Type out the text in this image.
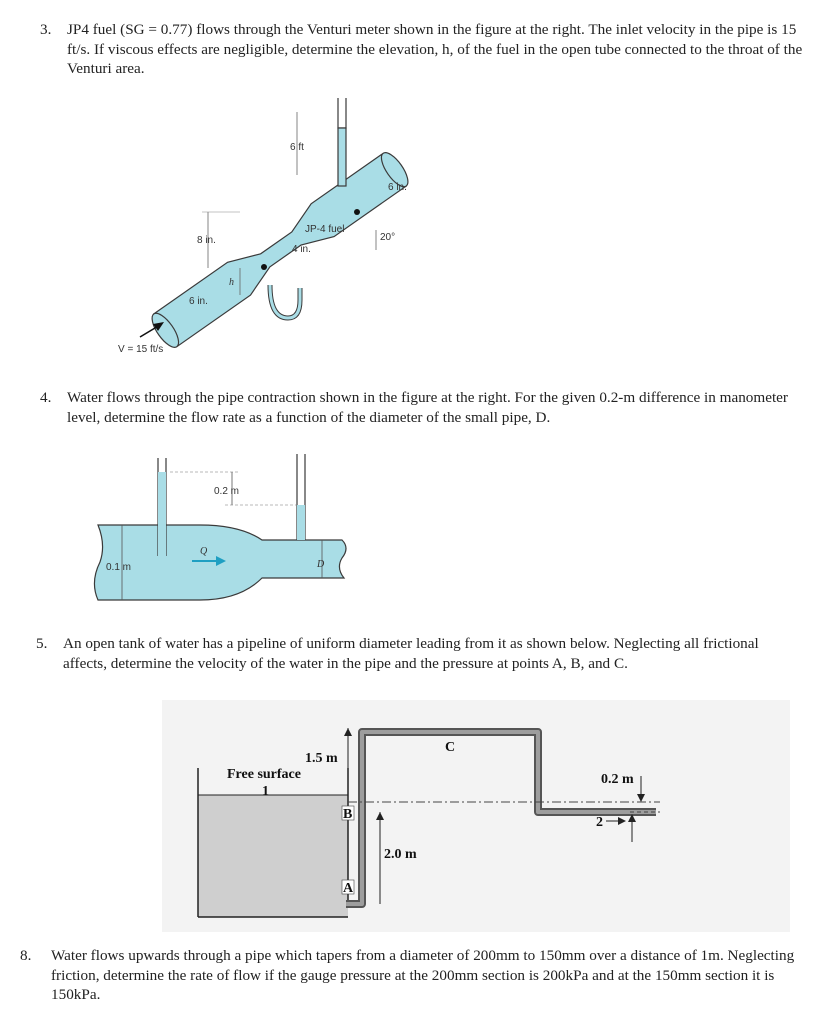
3. JP4 fuel (SG = 0.77) flows through the Venturi meter shown in the figure at the right. The inlet velocity in the pipe is 15 ft/s. If viscous effects are negligible, determine the elevation, h, of the fuel in the open tube connected to the throat of the Venturi area.
4. Water flows through the pipe contraction shown in the figure at the right. For the given 0.2-m difference in manometer level, determine the flow rate as a function of the diameter of the small pipe, D.
5. An open tank of water has a pipeline of uniform diameter leading from it as shown below. Neglecting all frictional affects, determine the velocity of the water in the pipe and the pressure at points A, B, and C.
8. Water flows upwards through a pipe which tapers from a diameter of 200mm to 150mm over a distance of 1m. Neglecting friction, determine the rate of flow if the gauge pressure at the 200mm section is 200kPa and at the 150mm section it is 150kPa.
6 ft
8 in.
h
6 in.
JP-4 fuel
4 in.
20°
6 in.
V = 15 ft/s
0.2 m
Q
0.1 m	D
1.5 m
2.0 m
Free surface
1
B
A
C
0.2 m
2
